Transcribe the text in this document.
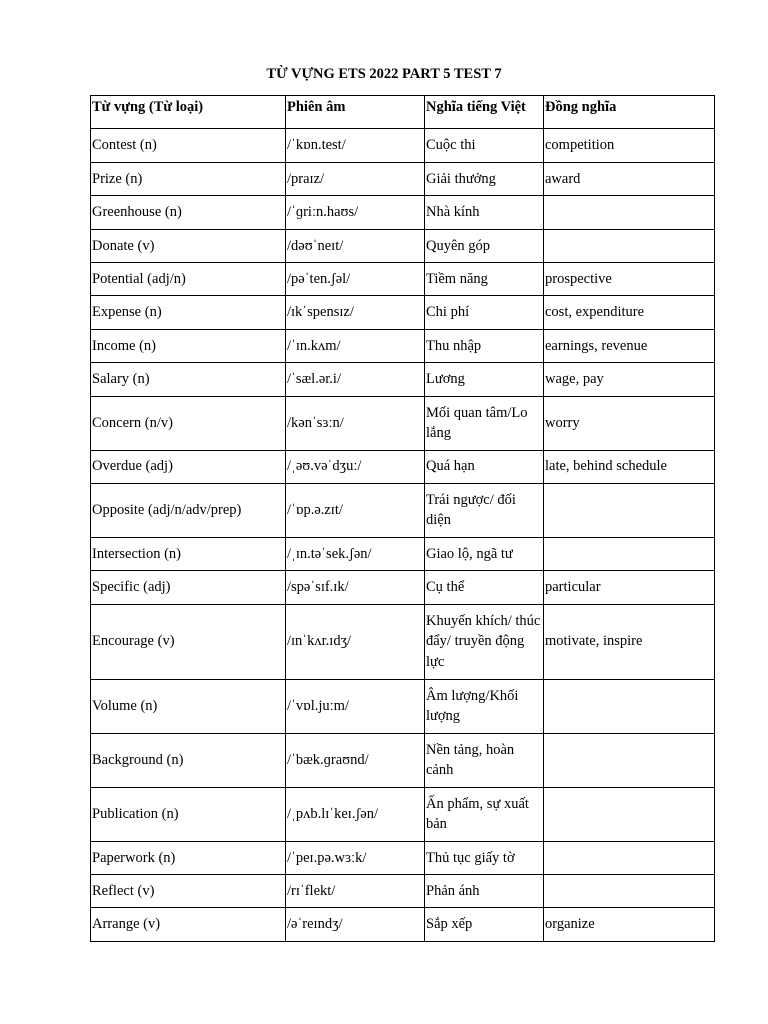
TỪ VỰNG ETS 2022 PART 5 TEST 7
Từ vựng (Từ loại)	Phiên âm	Nghĩa tiếng Việt	Đồng nghĩa
Contest (n)	/ˈkɒn.test/	Cuộc thi	competition
Prize (n)	/praɪz/	Giải thưởng	award
Greenhouse (n)	/ˈɡriːn.haʊs/	Nhà kính	
Donate (v)	/dəʊˈneɪt/	Quyên góp	
Potential (adj/n)	/pəˈten.ʃəl/	Tiềm năng	prospective
Expense (n)	/ɪkˈspensɪz/	Chi phí	cost, expenditure
Income (n)	/ˈɪn.kʌm/	Thu nhập	earnings, revenue
Salary (n)	/ˈsæl.ər.i/	Lương	wage, pay
Concern (n/v)	/kənˈsɜːn/	Mối quan tâm/Lo lắng	worry
Overdue (adj)	/ˌəʊ.vəˈdʒuː/	Quá hạn	late, behind schedule
Opposite (adj/n/adv/prep)	/ˈɒp.ə.zɪt/	Trái ngược/ đối diện	
Intersection (n)	/ˌɪn.təˈsek.ʃən/	Giao lộ, ngã tư	
Specific (adj)	/spəˈsɪf.ɪk/	Cụ thể	particular
Encourage (v)	/ɪnˈkʌr.ɪdʒ/	Khuyến khích/ thúc đẩy/ truyền động lực	motivate, inspire
Volume (n)	/ˈvɒl.juːm/	Âm lượng/Khối lượng	
Background (n)	/ˈbæk.ɡraʊnd/	Nền tảng, hoàn cảnh	
Publication (n)	/ˌpʌb.lɪˈkeɪ.ʃən/	Ấn phẩm, sự xuất bản	
Paperwork (n)	/ˈpeɪ.pə.wɜːk/	Thủ tục giấy tờ	
Reflect (v)	/rɪˈflekt/	Phản ánh	
Arrange (v)	/əˈreɪndʒ/	Sắp xếp	organize
